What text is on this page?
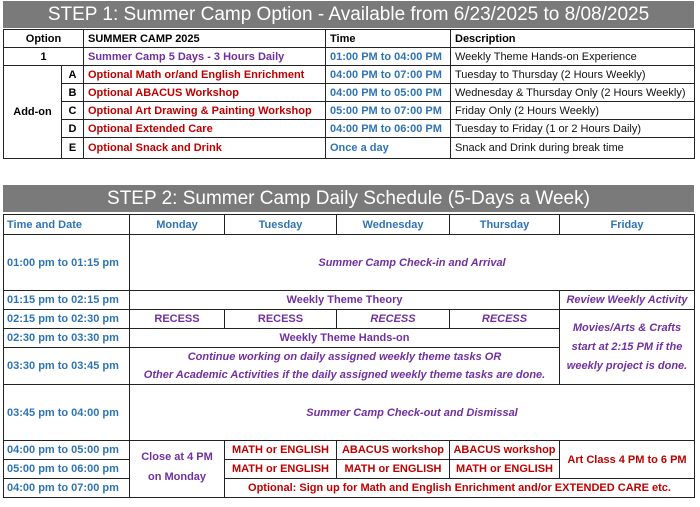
STEP 1: Summer Camp Option - Available from 6/23/2025 to 8/08/2025
Option		SUMMER CAMP 2025	Time	Description
1		Summer Camp 5 Days - 3 Hours Daily	01:00 PM to 04:00 PM	Weekly Theme Hands-on Experience
Add-on	A	Optional Math or/and English Enrichment	04:00 PM to 07:00 PM	Tuesday to Thursday (2 Hours Weekly)
	B	Optional ABACUS Workshop	04:00 PM to 05:00 PM	Wednesday & Thursday Only (2 Hours Weekly)
	C	Optional Art Drawing & Painting Workshop	05:00 PM to 07:00 PM	Friday Only (2 Hours Weekly)
	D	Optional Extended Care	04:00 PM to 06:00 PM	Tuesday to Friday (1 or 2 Hours Daily)
	E	Optional Snack and Drink	Once a day	Snack and Drink during break time
STEP 2: Summer Camp Daily Schedule (5-Days a Week)
Time and Date	Monday	Tuesday	Wednesday	Thursday	Friday
01:00 pm to 01:15 pm	Summer Camp Check-in and Arrival				
01:15 pm to 02:15 pm	Weekly Theme Theory				Review Weekly Activity
02:15 pm to 02:30 pm	RECESS	RECESS	RECESS	RECESS	Movies/Arts & Crafts start at 2:15 PM if the weekly project is done.
02:30 pm to 03:30 pm	Weekly Theme Hands-on				
03:30 pm to 03:45 pm	Continue working on daily assigned weekly theme tasks OR
Other Academic Activities if the daily assigned weekly theme tasks are done.				

03:45 pm to 04:00 pm	Summer Camp Check-out and Dismissal				
04:00 pm to 05:00 pm	Close at 4 PM on Monday	MATH or ENGLISH	ABACUS workshop	ABACUS workshop	Art Class 4 PM to 6 PM
05:00 pm to 06:00 pm		MATH or ENGLISH	MATH or ENGLISH	MATH or ENGLISH	
04:00 pm to 07:00 pm		Optional: Sign up for Math and English Enrichment and/or EXTENDED CARE etc.			
